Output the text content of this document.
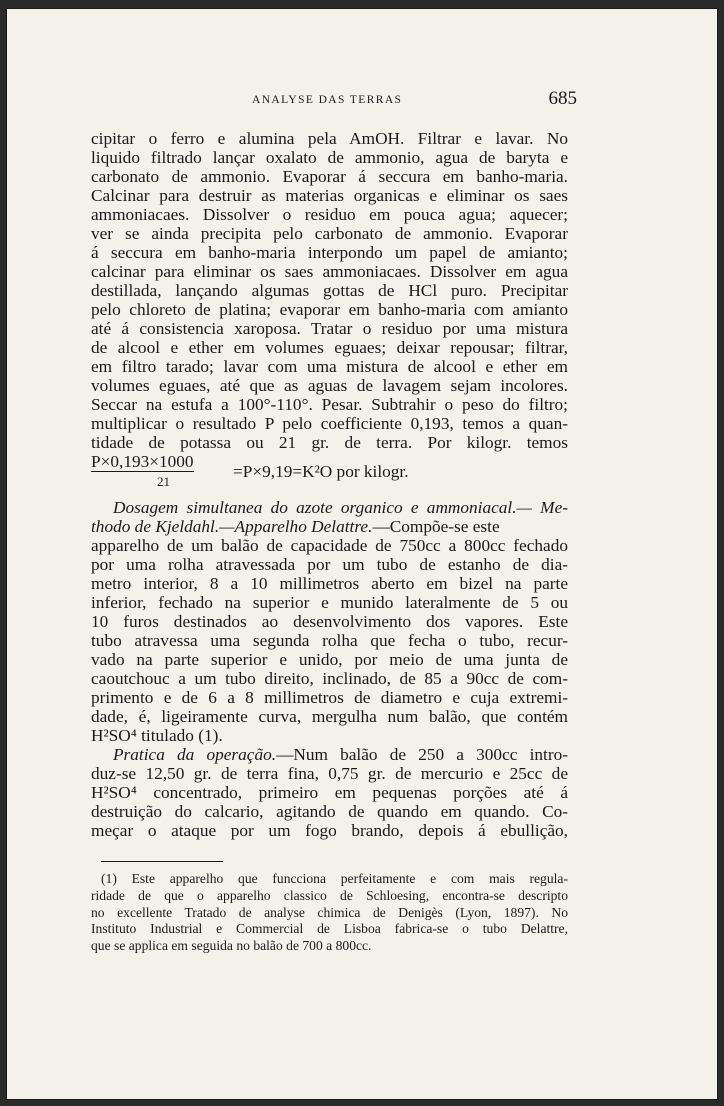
ANALYSE DAS TERRAS	685
cipitar o ferro e alumina pela AmOH. Filtrar e lavar. No
liquido filtrado lançar oxalato de ammonio, agua de baryta e
carbonato de ammonio. Evaporar á seccura em banho-maria.
Calcinar para destruir as materias organicas e eliminar os saes
ammoniacaes. Dissolver o residuo em pouca agua; aquecer;
ver se ainda precipita pelo carbonato de ammonio. Evaporar
á seccura em banho-maria interpondo um papel de amianto;
calcinar para eliminar os saes ammoniacaes. Dissolver em agua
destillada, lançando algumas gottas de HCl puro. Precipitar
pelo chloreto de platina; evaporar em banho-maria com amianto
até á consistencia xaroposa. Tratar o residuo por uma mistura
de alcool e ether em volumes eguaes; deixar repousar; filtrar,
em filtro tarado; lavar com uma mistura de alcool e ether em
volumes eguaes, até que as aguas de lavagem sejam incolores.
Seccar na estufa a 100°-110°. Pesar. Subtrahir o peso do filtro;
multiplicar o resultado P pelo coefficiente 0,193, temos a quan-
tidade de potassa ou 21 gr. de terra. Por kilogr. temos
P×0,193×1000
21
=P×9,19=K²O por kilogr.
Dosagem simultanea do azote organico e ammoniacal.— Me-
thodo de Kjeldahl.—Apparelho Delattre.—Compõe-se este
apparelho de um balão de capacidade de 750cc a 800cc fechado
por uma rolha atravessada por um tubo de estanho de dia-
metro interior, 8 a 10 millimetros aberto em bizel na parte
inferior, fechado na superior e munido lateralmente de 5 ou
10 furos destinados ao desenvolvimento dos vapores. Este
tubo atravessa uma segunda rolha que fecha o tubo, recur-
vado na parte superior e unido, por meio de uma junta de
caoutchouc a um tubo direito, inclinado, de 85 a 90cc de com-
primento e de 6 a 8 millimetros de diametro e cuja extremi-
dade, é, ligeiramente curva, mergulha num balão, que contém
H²SO⁴ titulado (1).
Pratica da operação.—Num balão de 250 a 300cc intro-
duz-se 12,50 gr. de terra fina, 0,75 gr. de mercurio e 25cc de
H²SO⁴ concentrado, primeiro em pequenas porções até á
destruição do calcario, agitando de quando em quando. Co-
meçar o ataque por um fogo brando, depois á ebullição,
(1) Este apparelho que funcciona perfeitamente e com mais regula-
ridade de que o apparelho classico de Schloesing, encontra-se descripto
no excellente Tratado de analyse chimica de Denigès (Lyon, 1897). No
Instituto Industrial e Commercial de Lisboa fabrica-se o tubo Delattre,
que se applica em seguida no balão de 700 a 800cc.
